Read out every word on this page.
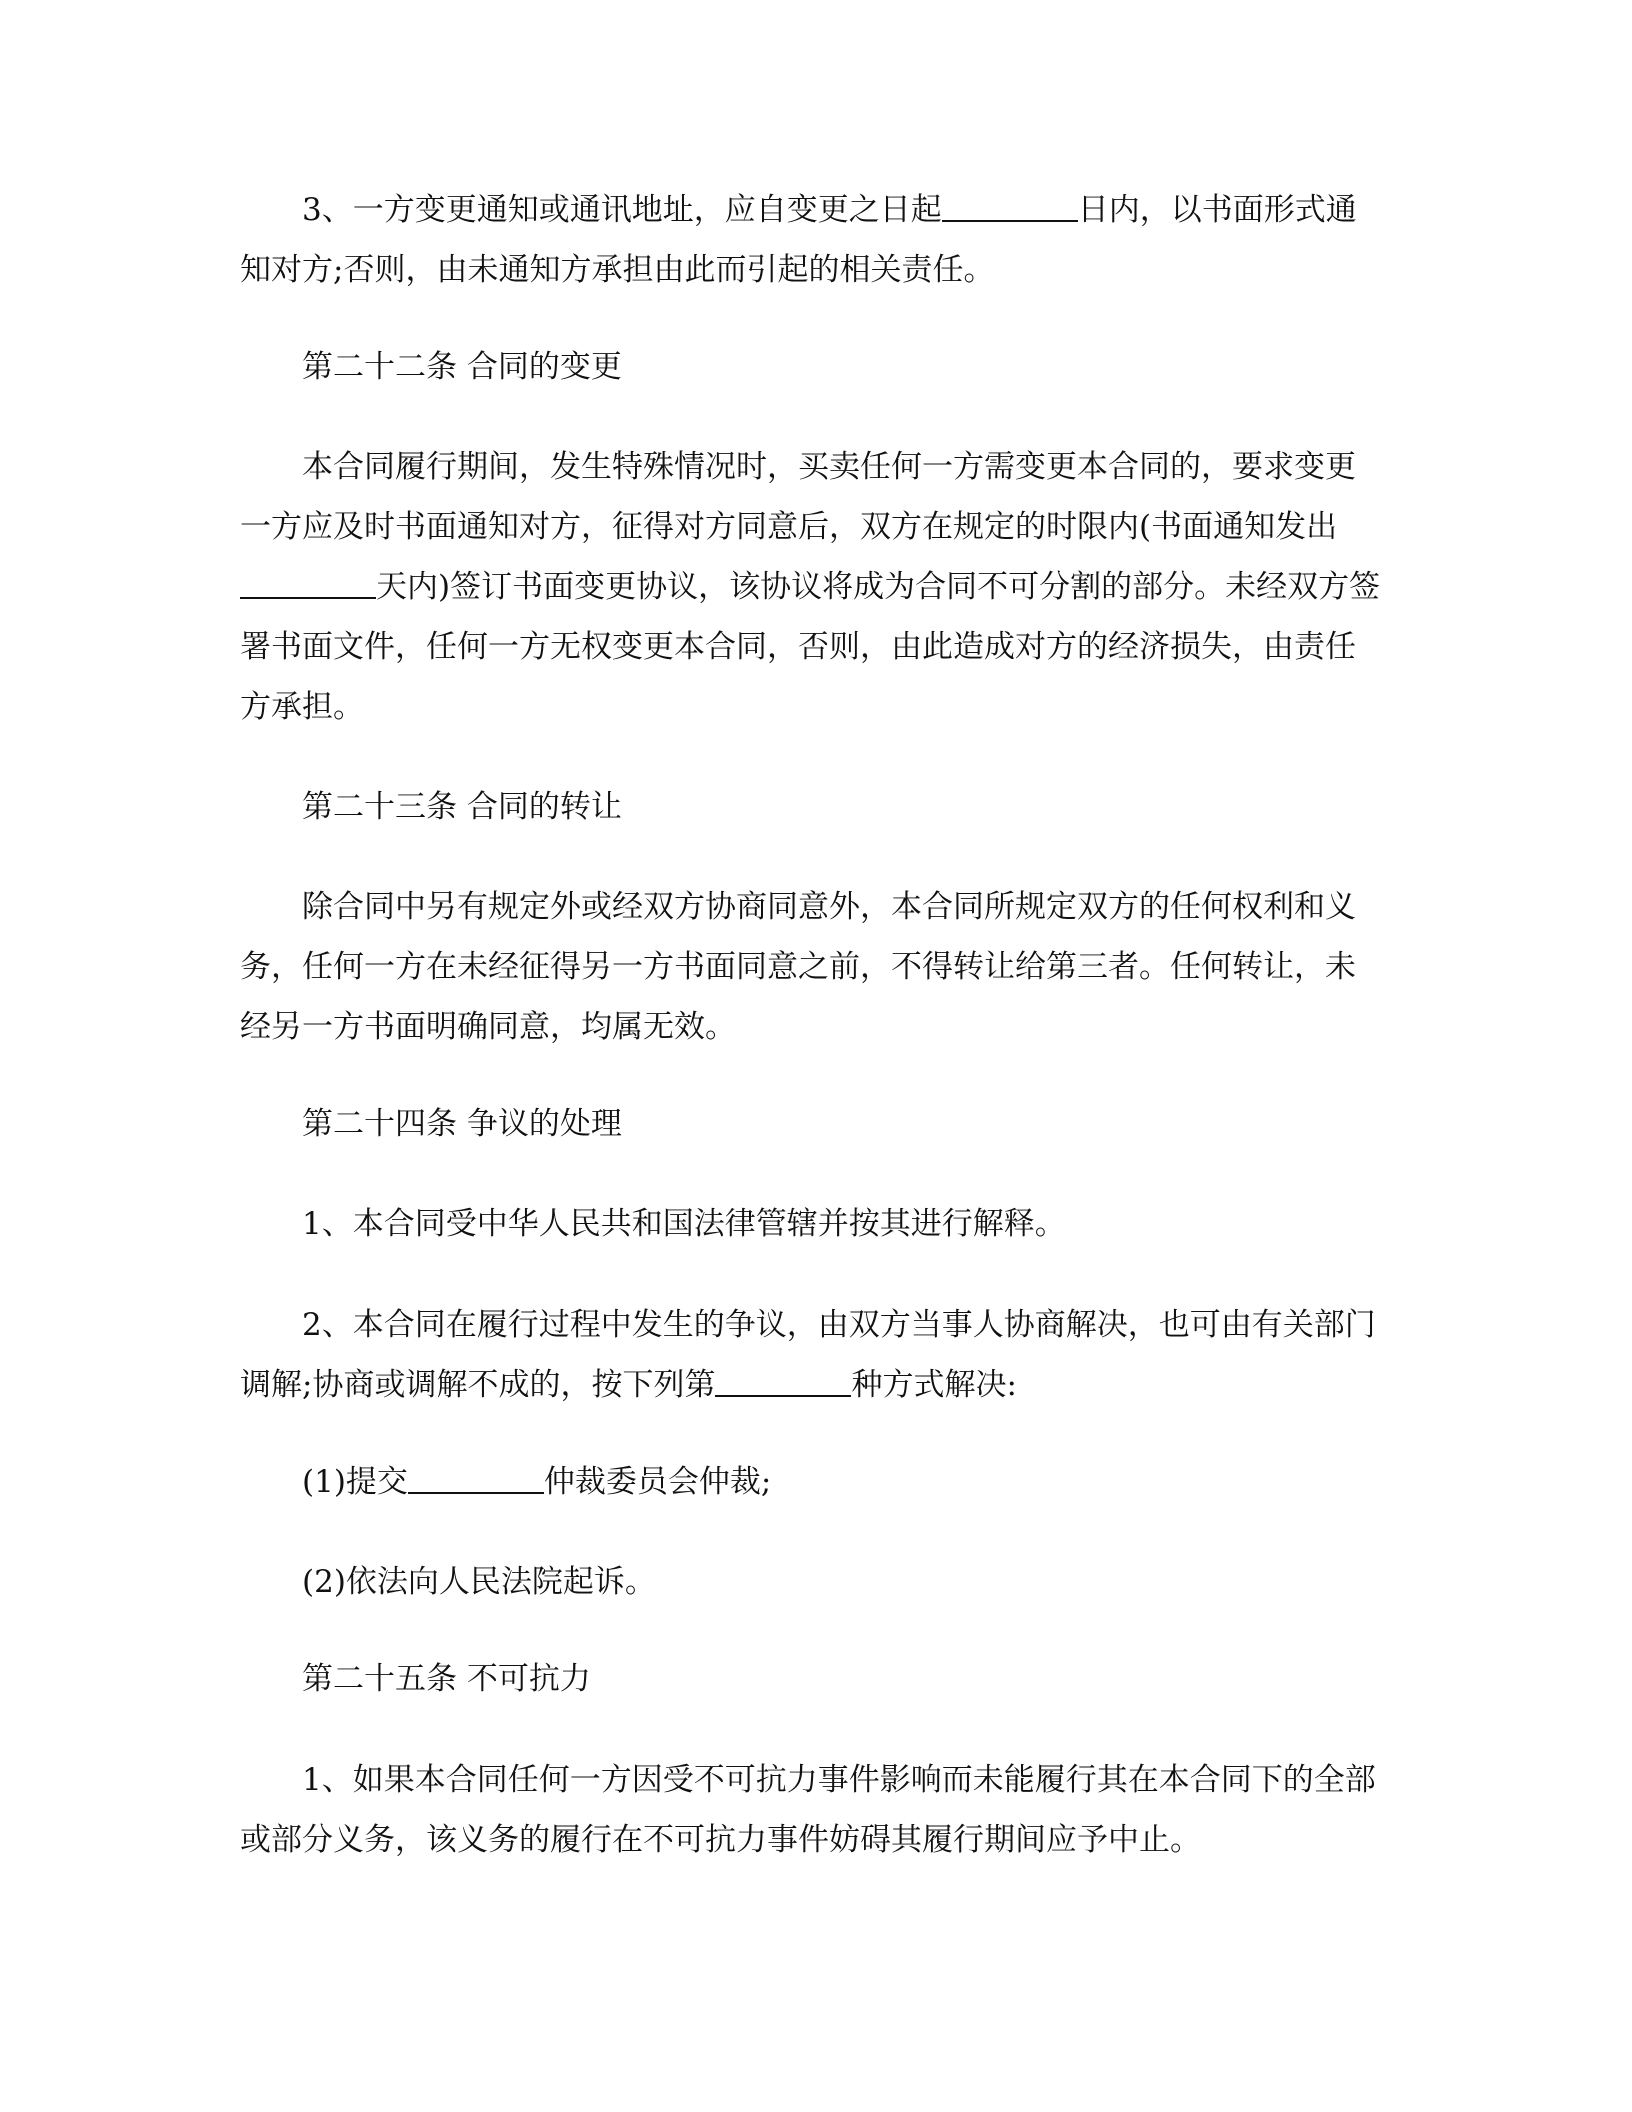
3、一方变更通知或通讯地址，应自变更之日起	日内，以书面形式通知对方;否则，由未通知方承担由此而引起的相关责任。

第二十二条 合同的变更

本合同履行期间，发生特殊情况时，买卖任何一方需变更本合同的，要求变更一方应及时书面通知对方，征得对方同意后，双方在规定的时限内(书面通知发出天内)签订书面变更协议，该协议将成为合同不可分割的部分。未经双方签署书面文件，任何一方无权变更本合同，否则，由此造成对方的经济损失，由责任方承担。

第二十三条 合同的转让

除合同中另有规定外或经双方协商同意外，本合同所规定双方的任何权利和义务，任何一方在未经征得另一方书面同意之前，不得转让给第三者。任何转让，未经另一方书面明确同意，均属无效。

第二十四条 争议的处理

1、本合同受中华人民共和国法律管辖并按其进行解释。

2、本合同在履行过程中发生的争议，由双方当事人协商解决，也可由有关部门调解;协商或调解不成的，按下列第	种方式解决:

(1)提交	仲裁委员会仲裁;

(2)依法向人民法院起诉。

第二十五条 不可抗力

1、如果本合同任何一方因受不可抗力事件影响而未能履行其在本合同下的全部或部分义务，该义务的履行在不可抗力事件妨碍其履行期间应予中止。
